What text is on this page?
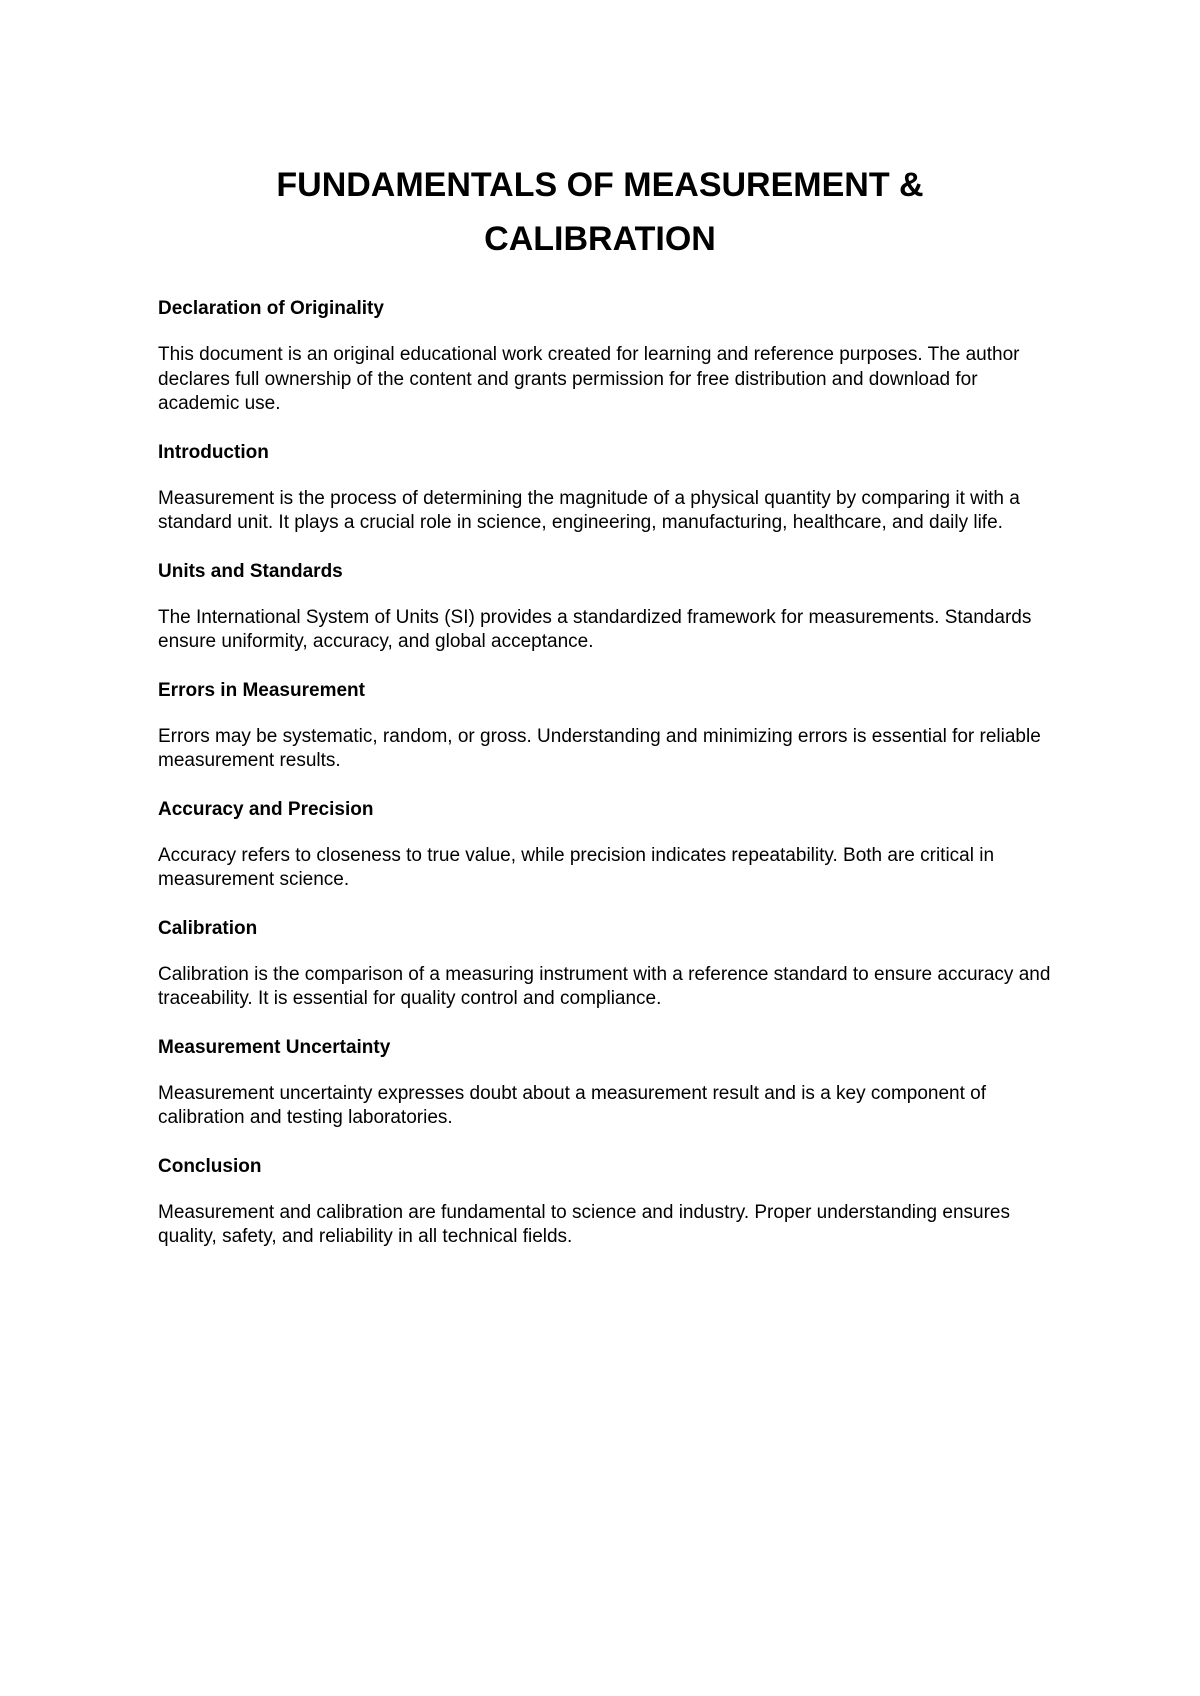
FUNDAMENTALS OF MEASUREMENT & CALIBRATION
Declaration of Originality

This document is an original educational work created for learning and reference purposes. The author declares full ownership of the content and grants permission for free distribution and download for academic use.

Introduction

Measurement is the process of determining the magnitude of a physical quantity by comparing it with a standard unit. It plays a crucial role in science, engineering, manufacturing, healthcare, and daily life.

Units and Standards

The International System of Units (SI) provides a standardized framework for measurements. Standards ensure uniformity, accuracy, and global acceptance.

Errors in Measurement

Errors may be systematic, random, or gross. Understanding and minimizing errors is essential for reliable measurement results.

Accuracy and Precision

Accuracy refers to closeness to true value, while precision indicates repeatability. Both are critical in measurement science.

Calibration

Calibration is the comparison of a measuring instrument with a reference standard to ensure accuracy and traceability. It is essential for quality control and compliance.

Measurement Uncertainty

Measurement uncertainty expresses doubt about a measurement result and is a key component of calibration and testing laboratories.

Conclusion

Measurement and calibration are fundamental to science and industry. Proper understanding ensures quality, safety, and reliability in all technical fields.
